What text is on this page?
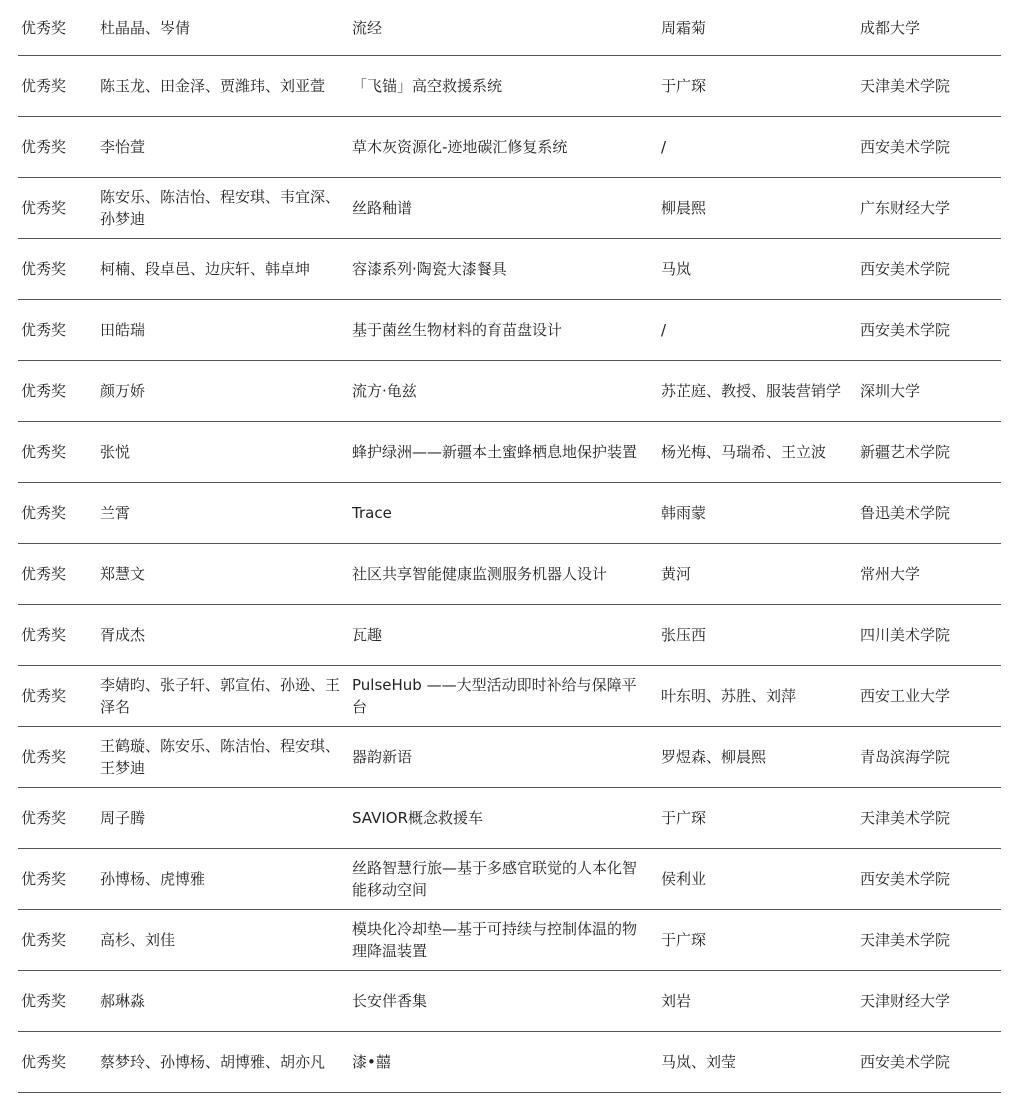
优秀奖	杜晶晶、岑倩	流经	周霜菊	成都大学
优秀奖	陈玉龙、田金泽、贾潍玮、刘亚萱	「飞锚」高空救援系统	于广琛	天津美术学院
优秀奖	李怡萱	草木灰资源化-迹地碳汇修复系统	/	西安美术学院
优秀奖	陈安乐、陈洁怡、程安琪、韦宜深、孙梦迪	丝路釉谱	柳晨熙	广东财经大学
优秀奖	柯楠、段卓邑、边庆轩、韩卓坤	容漆系列·陶瓷大漆餐具	马岚	西安美术学院
优秀奖	田皓瑞	基于菌丝生物材料的育苗盘设计	/	西安美术学院
优秀奖	颜万娇	流方·龟兹	苏芷庭、教授、服装营销学	深圳大学
优秀奖	张悦	蜂护绿洲——新疆本土蜜蜂栖息地保护装置	杨光梅、马瑞希、王立波	新疆艺术学院
优秀奖	兰霄	Trace	韩雨蒙	鲁迅美术学院
优秀奖	郑慧文	社区共享智能健康监测服务机器人设计	黄河	常州大学
优秀奖	胥成杰	瓦趣	张压西	四川美术学院
优秀奖	李婧昀、张子轩、郭宣佑、孙逊、王泽名	PulseHub ——大型活动即时补给与保障平台	叶东明、苏胜、刘萍	西安工业大学
优秀奖	王鹤璇、陈安乐、陈洁怡、程安琪、王梦迪	器韵新语	罗煜森、柳晨熙	青岛滨海学院
优秀奖	周子腾	SAVIOR概念救援车	于广琛	天津美术学院
优秀奖	孙博杨、虎博雅	丝路智慧行旅—基于多感官联觉的人本化智能移动空间	侯利业	西安美术学院
优秀奖	高杉、刘佳	模块化冷却垫—基于可持续与控制体温的物理降温装置	于广琛	天津美术学院
优秀奖	郝琳淼	长安伴香集	刘岩	天津财经大学
优秀奖	蔡梦玲、孙博杨、胡博雅、胡亦凡	漆•囍	马岚、刘莹	西安美术学院
